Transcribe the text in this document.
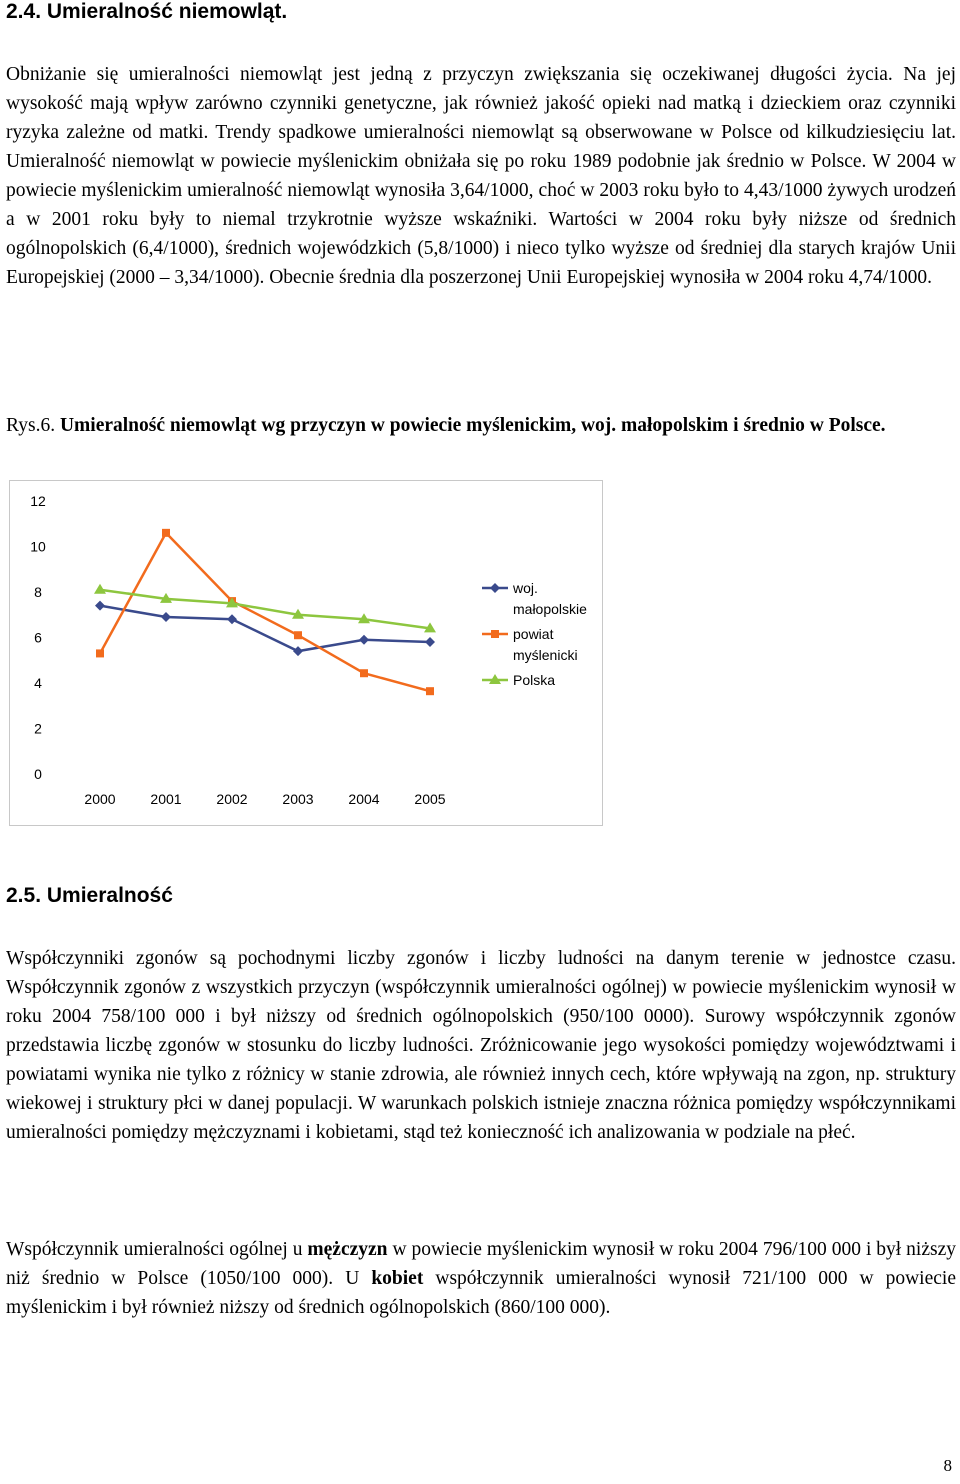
2.4. Umieralność niemowląt.

Obniżanie się umieralności niemowląt jest jedną z przyczyn zwiększania się oczekiwanej długości życia. Na jej wysokość mają wpływ zarówno czynniki genetyczne, jak również jakość opieki nad matką i dzieckiem oraz czynniki ryzyka zależne od matki. Trendy spadkowe umieralności niemowląt są obserwowane w Polsce od kilkudziesięciu lat. Umieralność niemowląt w powiecie myślenickim obniżała się po roku 1989 podobnie jak średnio w Polsce. W 2004 w powiecie myślenickim umieralność niemowląt wynosiła 3,64/1000, choć w 2003 roku było to 4,43/1000 żywych urodzeń a w 2001 roku były to niemal trzykrotnie wyższe wskaźniki. Wartości w 2004 roku były niższe od średnich ogólnopolskich (6,4/1000), średnich wojewódzkich (5,8/1000) i nieco tylko wyższe od średniej dla starych krajów Unii Europejskiej (2000 – 3,34/1000). Obecnie średnia dla poszerzonej Unii Europejskiej wynosiła w 2004 roku 4,74/1000.

Rys.6. Umieralność niemowląt wg przyczyn w powiecie myślenickim, woj. małopolskim i średnio w Polsce.

0
2
4
6
8
10
12
2000 2001 2002 2003 2004 2005
woj.
małopolskie
powiat
myślenicki
Polska
2.5. Umieralność

Współczynniki zgonów są pochodnymi liczby zgonów i liczby ludności na danym terenie w jednostce czasu. Współczynnik zgonów z wszystkich przyczyn (współczynnik umieralności ogólnej) w powiecie myślenickim wynosił w roku 2004 758/100 000 i był niższy od średnich ogólnopolskich (950/100 0000). Surowy współczynnik zgonów przedstawia liczbę zgonów w stosunku do liczby ludności. Zróżnicowanie jego wysokości pomiędzy województwami i powiatami wynika nie tylko z różnicy w stanie zdrowia, ale również innych cech, które wpływają na zgon, np. struktury wiekowej i struktury płci w danej populacji. W warunkach polskich istnieje znaczna różnica pomiędzy współczynnikami umieralności pomiędzy mężczyznami i kobietami, stąd też konieczność ich analizowania w podziale na płeć.

Współczynnik umieralności ogólnej u mężczyzn w powiecie myślenickim wynosił w roku 2004 796/100 000 i był niższy niż średnio w Polsce (1050/100 000). U kobiet współczynnik umieralności wynosił 721/100 000 w powiecie myślenickim i był również niższy od średnich ogólnopolskich (860/100 000).

8
